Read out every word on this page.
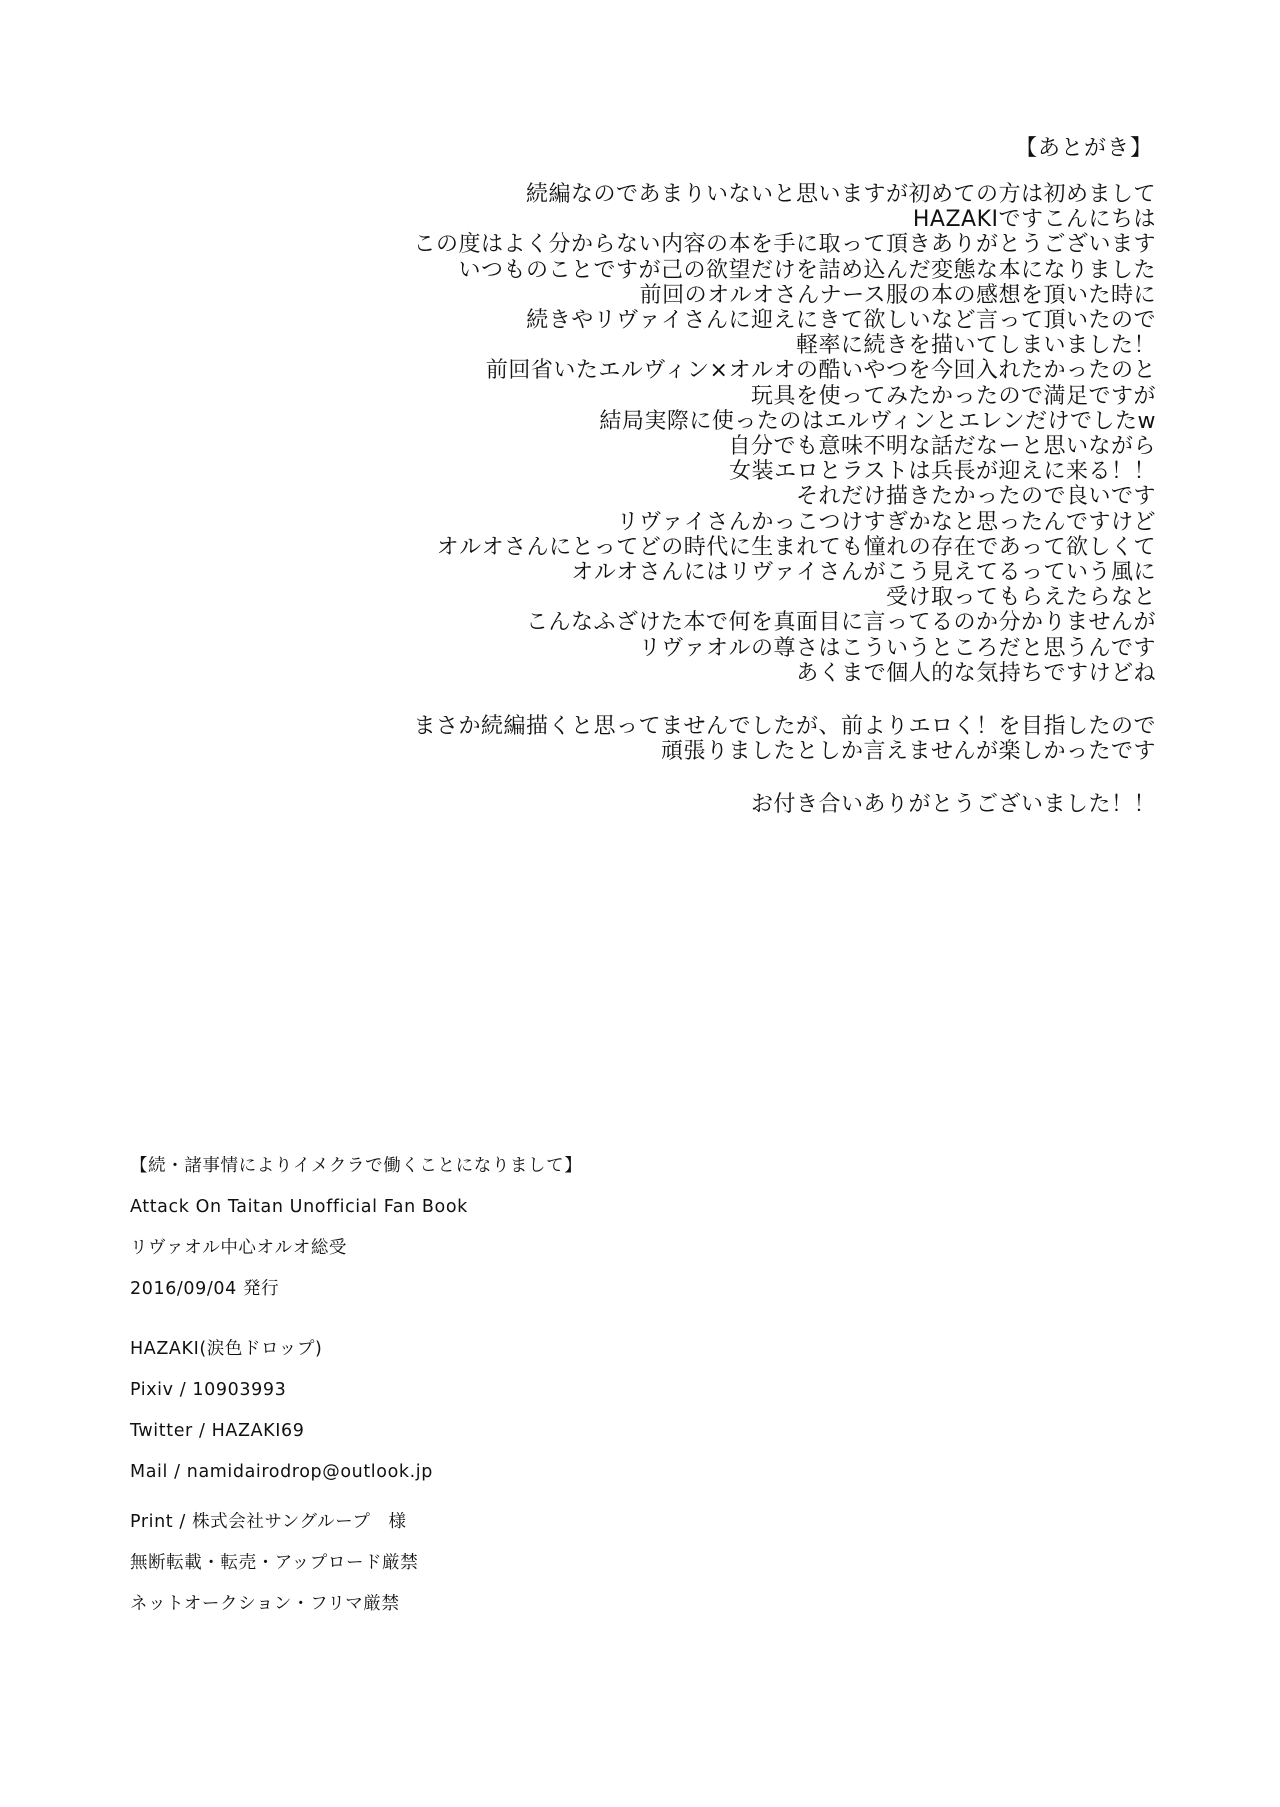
【あとがき】
続編なのであまりいないと思いますが初めての方は初めまして
HAZAKIですこんにちは
この度はよく分からない内容の本を手に取って頂きありがとうございます
いつものことですが己の欲望だけを詰め込んだ変態な本になりました
前回のオルオさんナース服の本の感想を頂いた時に
続きやリヴァイさんに迎えにきて欲しいなど言って頂いたので
軽率に続きを描いてしまいました！
前回省いたエルヴィン×オルオの酷いやつを今回入れたかったのと
玩具を使ってみたかったので満足ですが
結局実際に使ったのはエルヴィンとエレンだけでしたw
自分でも意味不明な話だなーと思いながら
女装エロとラストは兵長が迎えに来る！！
それだけ描きたかったので良いです
リヴァイさんかっこつけすぎかなと思ったんですけど
オルオさんにとってどの時代に生まれても憧れの存在であって欲しくて
オルオさんにはリヴァイさんがこう見えてるっていう風に
受け取ってもらえたらなと
こんなふざけた本で何を真面目に言ってるのか分かりませんが
リヴァオルの尊さはこういうところだと思うんです
あくまで個人的な気持ちですけどね
まさか続編描くと思ってませんでしたが、前よりエロく！を目指したので
頑張りましたとしか言えませんが楽しかったです
お付き合いありがとうございました！！
【続・諸事情によりイメクラで働くことになりまして】
Attack On Taitan Unofficial Fan Book
リヴァオル中心オルオ総受
2016/09/04 発行
HAZAKI(涙色ドロップ)
Pixiv / 10903993
Twitter / HAZAKI69
Mail / namidairodrop@outlook.jp
Print / 株式会社サングループ　様
無断転載・転売・アップロード厳禁
ネットオークション・フリマ厳禁
